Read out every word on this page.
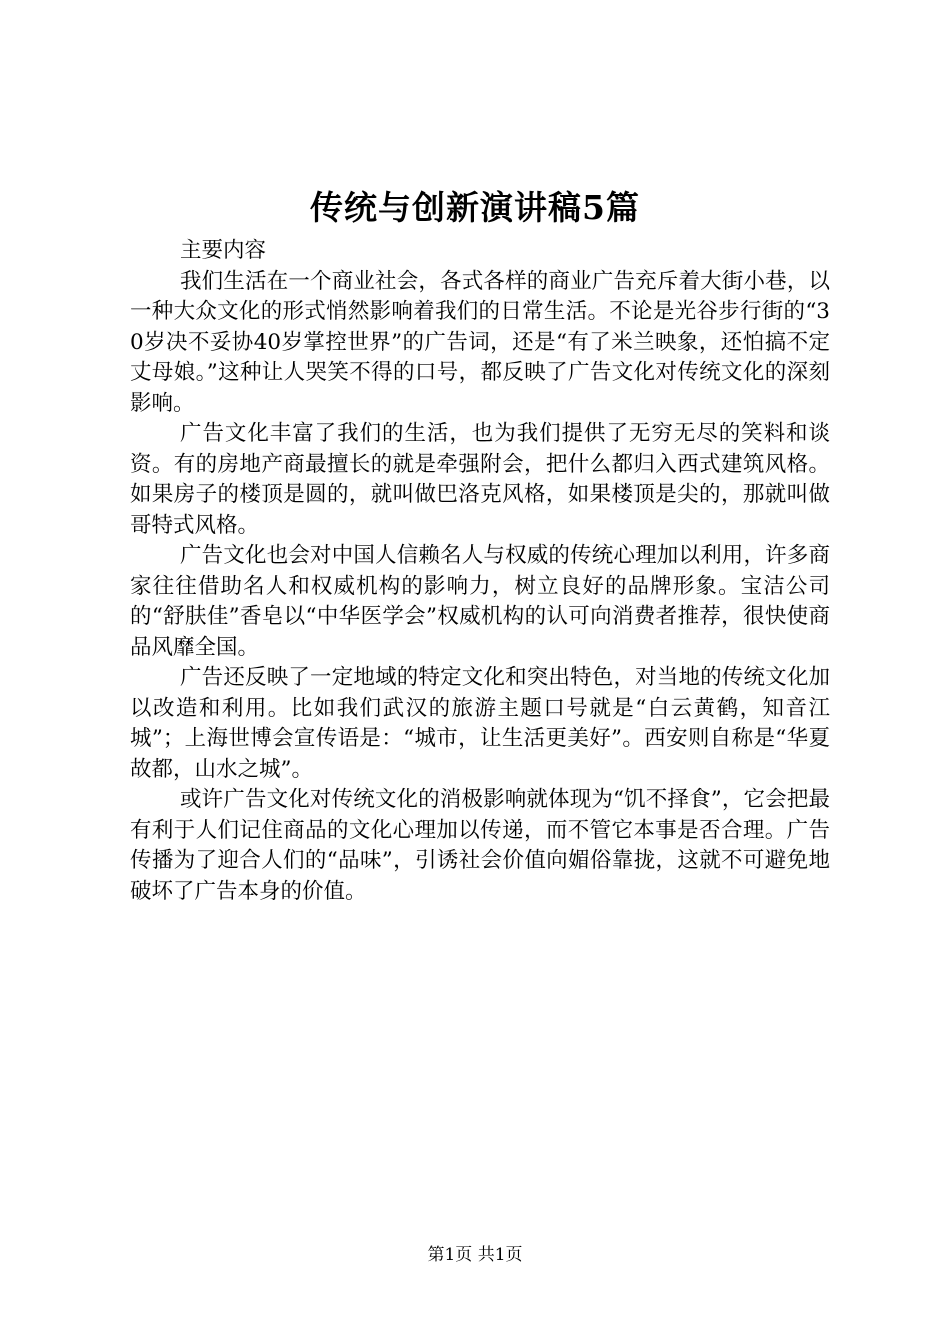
传统与创新演讲稿5篇

主要内容

我们生活在一个商业社会，各式各样的商业广告充斥着大街小巷，以一种大众文化的形式悄然影响着我们的日常生活。不论是光谷步行街的“30岁决不妥协40岁掌控世界”的广告词，还是“有了米兰映象，还怕搞不定丈母娘。”这种让人哭笑不得的口号，都反映了广告文化对传统文化的深刻影响。

广告文化丰富了我们的生活，也为我们提供了无穷无尽的笑料和谈资。有的房地产商最擅长的就是牵强附会，把什么都归入西式建筑风格。如果房子的楼顶是圆的，就叫做巴洛克风格，如果楼顶是尖的，那就叫做哥特式风格。

广告文化也会对中国人信赖名人与权威的传统心理加以利用，许多商家往往借助名人和权威机构的影响力，树立良好的品牌形象。宝洁公司的“舒肤佳”香皂以“中华医学会”权威机构的认可向消费者推荐，很快使商品风靡全国。

广告还反映了一定地域的特定文化和突出特色，对当地的传统文化加以改造和利用。比如我们武汉的旅游主题口号就是“白云黄鹤，知音江城”；上海世博会宣传语是：“城市，让生活更美好”。西安则自称是“华夏故都，山水之城”。

或许广告文化对传统文化的消极影响就体现为“饥不择食”，它会把最有利于人们记住商品的文化心理加以传递，而不管它本事是否合理。广告传播为了迎合人们的“品味”，引诱社会价值向媚俗靠拢，这就不可避免地破坏了广告本身的价值。

第1页 共1页
